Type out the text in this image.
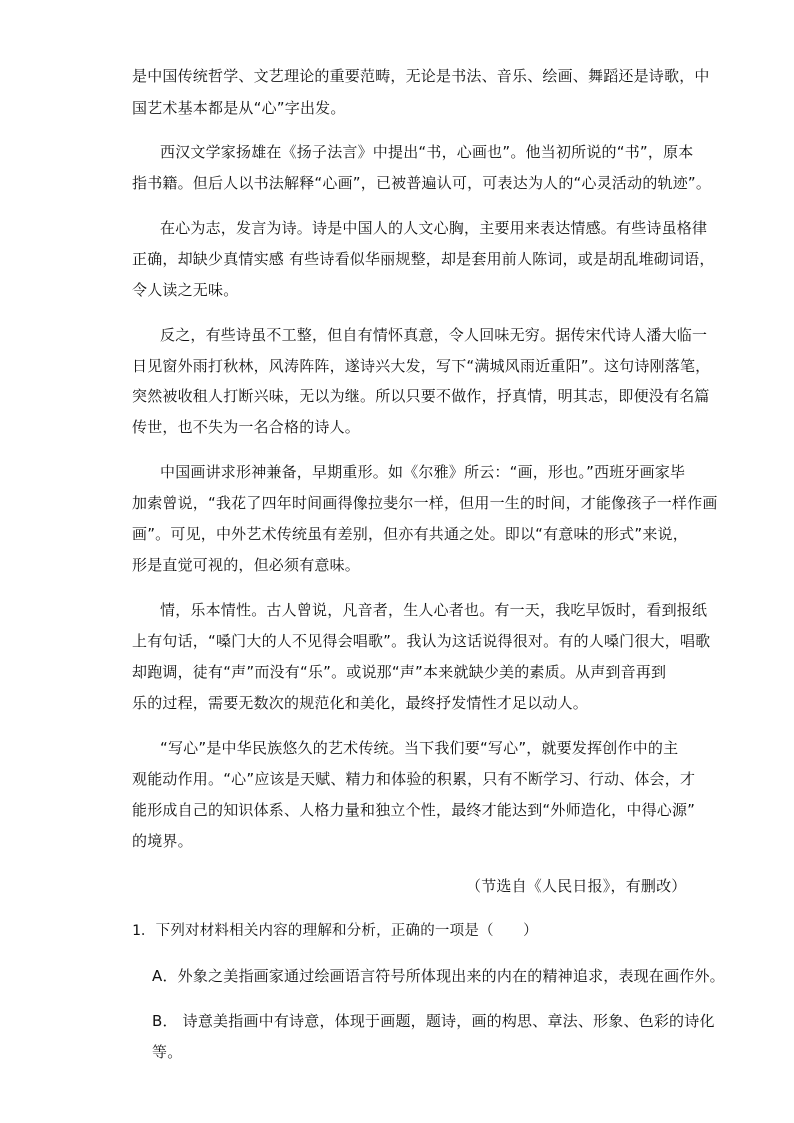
是中国传统哲学、文艺理论的重要范畴，无论是书法、音乐、绘画、舞蹈还是诗歌，中
国艺术基本都是从“心”字出发。
西汉文学家扬雄在《扬子法言》中提出“书，心画也”。他当初所说的“书”，原本
指书籍。但后人以书法解释“心画”，已被普遍认可，可表达为人的“心灵活动的轨迹”。
在心为志，发言为诗。诗是中国人的人文心胸，主要用来表达情感。有些诗虽格律
正确，却缺少真情实感 有些诗看似华丽规整，却是套用前人陈词，或是胡乱堆砌词语，
令人读之无味。
反之，有些诗虽不工整，但自有情怀真意，令人回味无穷。据传宋代诗人潘大临一
日见窗外雨打秋林，风涛阵阵，遂诗兴大发，写下“满城风雨近重阳”。这句诗刚落笔，
突然被收租人打断兴味，无以为继。所以只要不做作，抒真情，明其志，即便没有名篇
传世，也不失为一名合格的诗人。
中国画讲求形神兼备，早期重形。如《尔雅》所云：“画，形也。”西班牙画家毕
加索曾说，“我花了四年时间画得像拉斐尔一样，但用一生的时间，才能像孩子一样作画
画”。可见，中外艺术传统虽有差别，但亦有共通之处。即以“有意味的形式”来说，
形是直觉可视的，但必须有意味。
情，乐本情性。古人曾说，凡音者，生人心者也。有一天，我吃早饭时，看到报纸
上有句话，“嗓门大的人不见得会唱歌”。我认为这话说得很对。有的人嗓门很大，唱歌
却跑调，徒有“声”而没有“乐”。或说那“声”本来就缺少美的素质。从声到音再到
乐的过程，需要无数次的规范化和美化，最终抒发情性才足以动人。
“写心”是中华民族悠久的艺术传统。当下我们要“写心”，就要发挥创作中的主
观能动作用。“心”应该是天赋、精力和体验的积累，只有不断学习、行动、体会，才
能形成自己的知识体系、人格力量和独立个性，最终才能达到“外师造化，中得心源”
的境界。
（节选自《人民日报》，有删改）
1．下列对材料相关内容的理解和分析，正确的一项是（　　）
A．外象之美指画家通过绘画语言符号所体现出来的内在的精神追求，表现在画作外。
B． 诗意美指画中有诗意，体现于画题，题诗，画的构思、章法、形象、色彩的诗化
等。
